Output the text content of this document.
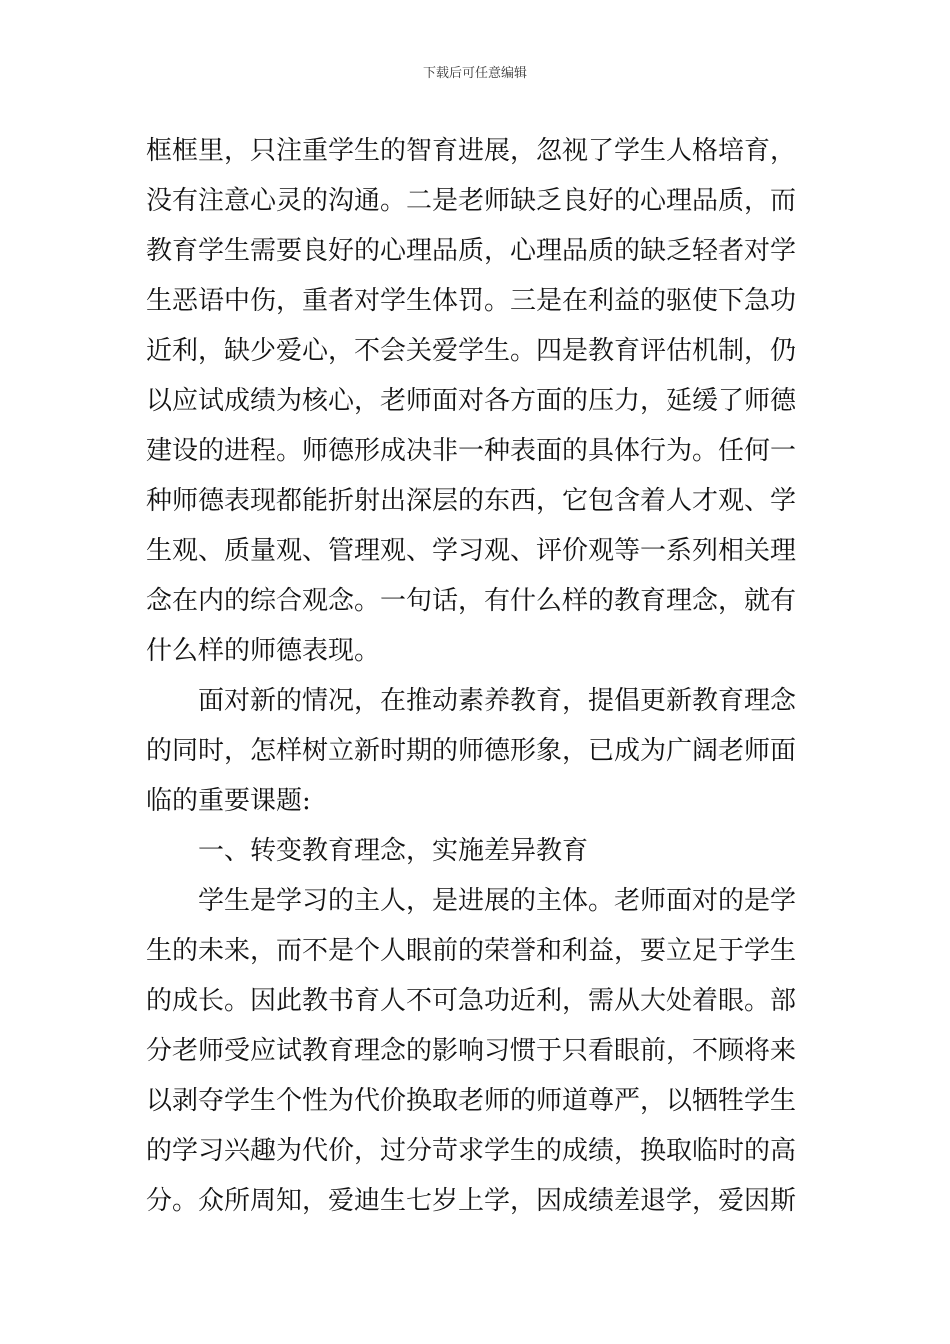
下载后可任意编辑
框框里，只注重学生的智育进展，忽视了学生人格培育，
没有注意心灵的沟通。二是老师缺乏良好的心理品质，而
教育学生需要良好的心理品质，心理品质的缺乏轻者对学
生恶语中伤，重者对学生体罚。三是在利益的驱使下急功
近利，缺少爱心，不会关爱学生。四是教育评估机制，仍
以应试成绩为核心，老师面对各方面的压力，延缓了师德
建设的进程。师德形成决非一种表面的具体行为。任何一
种师德表现都能折射出深层的东西，它包含着人才观、学
生观、质量观、管理观、学习观、评价观等一系列相关理
念在内的综合观念。一句话，有什么样的教育理念，就有
什么样的师德表现。
面对新的情况，在推动素养教育，提倡更新教育理念
的同时，怎样树立新时期的师德形象，已成为广阔老师面
临的重要课题:
一、转变教育理念，实施差异教育
学生是学习的主人，是进展的主体。老师面对的是学
生的未来，而不是个人眼前的荣誉和利益，要立足于学生
的成长。因此教书育人不可急功近利，需从大处着眼。部
分老师受应试教育理念的影响习惯于只看眼前，不顾将来
以剥夺学生个性为代价换取老师的师道尊严，以牺牲学生
的学习兴趣为代价，过分苛求学生的成绩，换取临时的高
分。众所周知，爱迪生七岁上学，因成绩差退学，爱因斯
